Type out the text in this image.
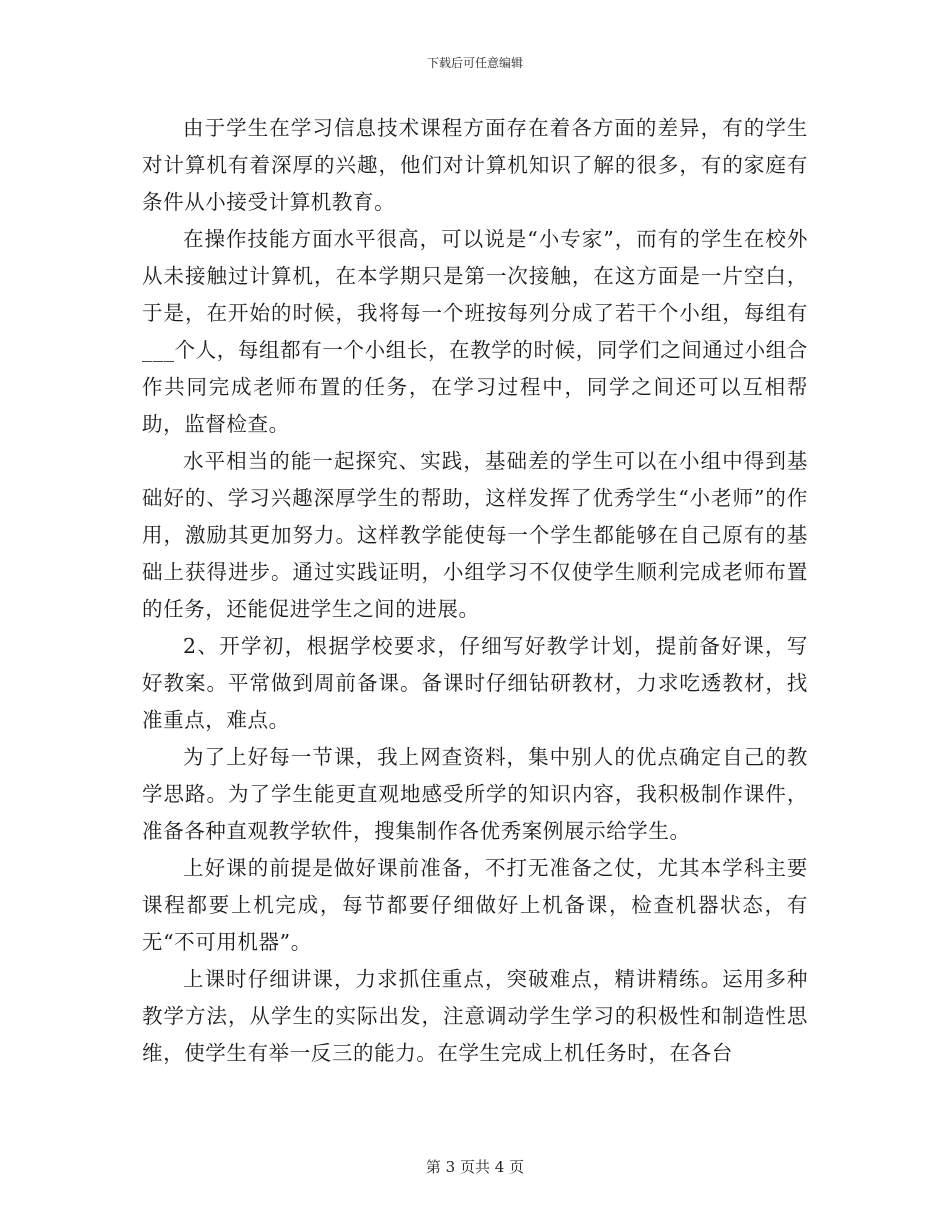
下载后可任意编辑

由于学生在学习信息技术课程方面存在着各方面的差异，有的学生对计算机有着深厚的兴趣，他们对计算机知识了解的很多，有的家庭有条件从小接受计算机教育。

在操作技能方面水平很高，可以说是“小专家”，而有的学生在校外从未接触过计算机，在本学期只是第一次接触，在这方面是一片空白，于是，在开始的时候，我将每一个班按每列分成了若干个小组，每组有___个人，每组都有一个小组长，在教学的时候，同学们之间通过小组合作共同完成老师布置的任务，在学习过程中，同学之间还可以互相帮助，监督检查。

水平相当的能一起探究、实践，基础差的学生可以在小组中得到基础好的、学习兴趣深厚学生的帮助，这样发挥了优秀学生“小老师”的作用，激励其更加努力。这样教学能使每一个学生都能够在自己原有的基础上获得进步。通过实践证明，小组学习不仅使学生顺利完成老师布置的任务，还能促进学生之间的进展。

2、开学初，根据学校要求，仔细写好教学计划，提前备好课，写好教案。平常做到周前备课。备课时仔细钻研教材，力求吃透教材，找准重点，难点。

为了上好每一节课，我上网查资料，集中别人的优点确定自己的教学思路。为了学生能更直观地感受所学的知识内容，我积极制作课件，准备各种直观教学软件，搜集制作各优秀案例展示给学生。

上好课的前提是做好课前准备，不打无准备之仗，尤其本学科主要课程都要上机完成，每节都要仔细做好上机备课，检查机器状态，有无“不可用机器”。

上课时仔细讲课，力求抓住重点，突破难点，精讲精练。运用多种教学方法，从学生的实际出发，注意调动学生学习的积极性和制造性思维，使学生有举一反三的能力。在学生完成上机任务时，在各台

第 3 页共 4 页
